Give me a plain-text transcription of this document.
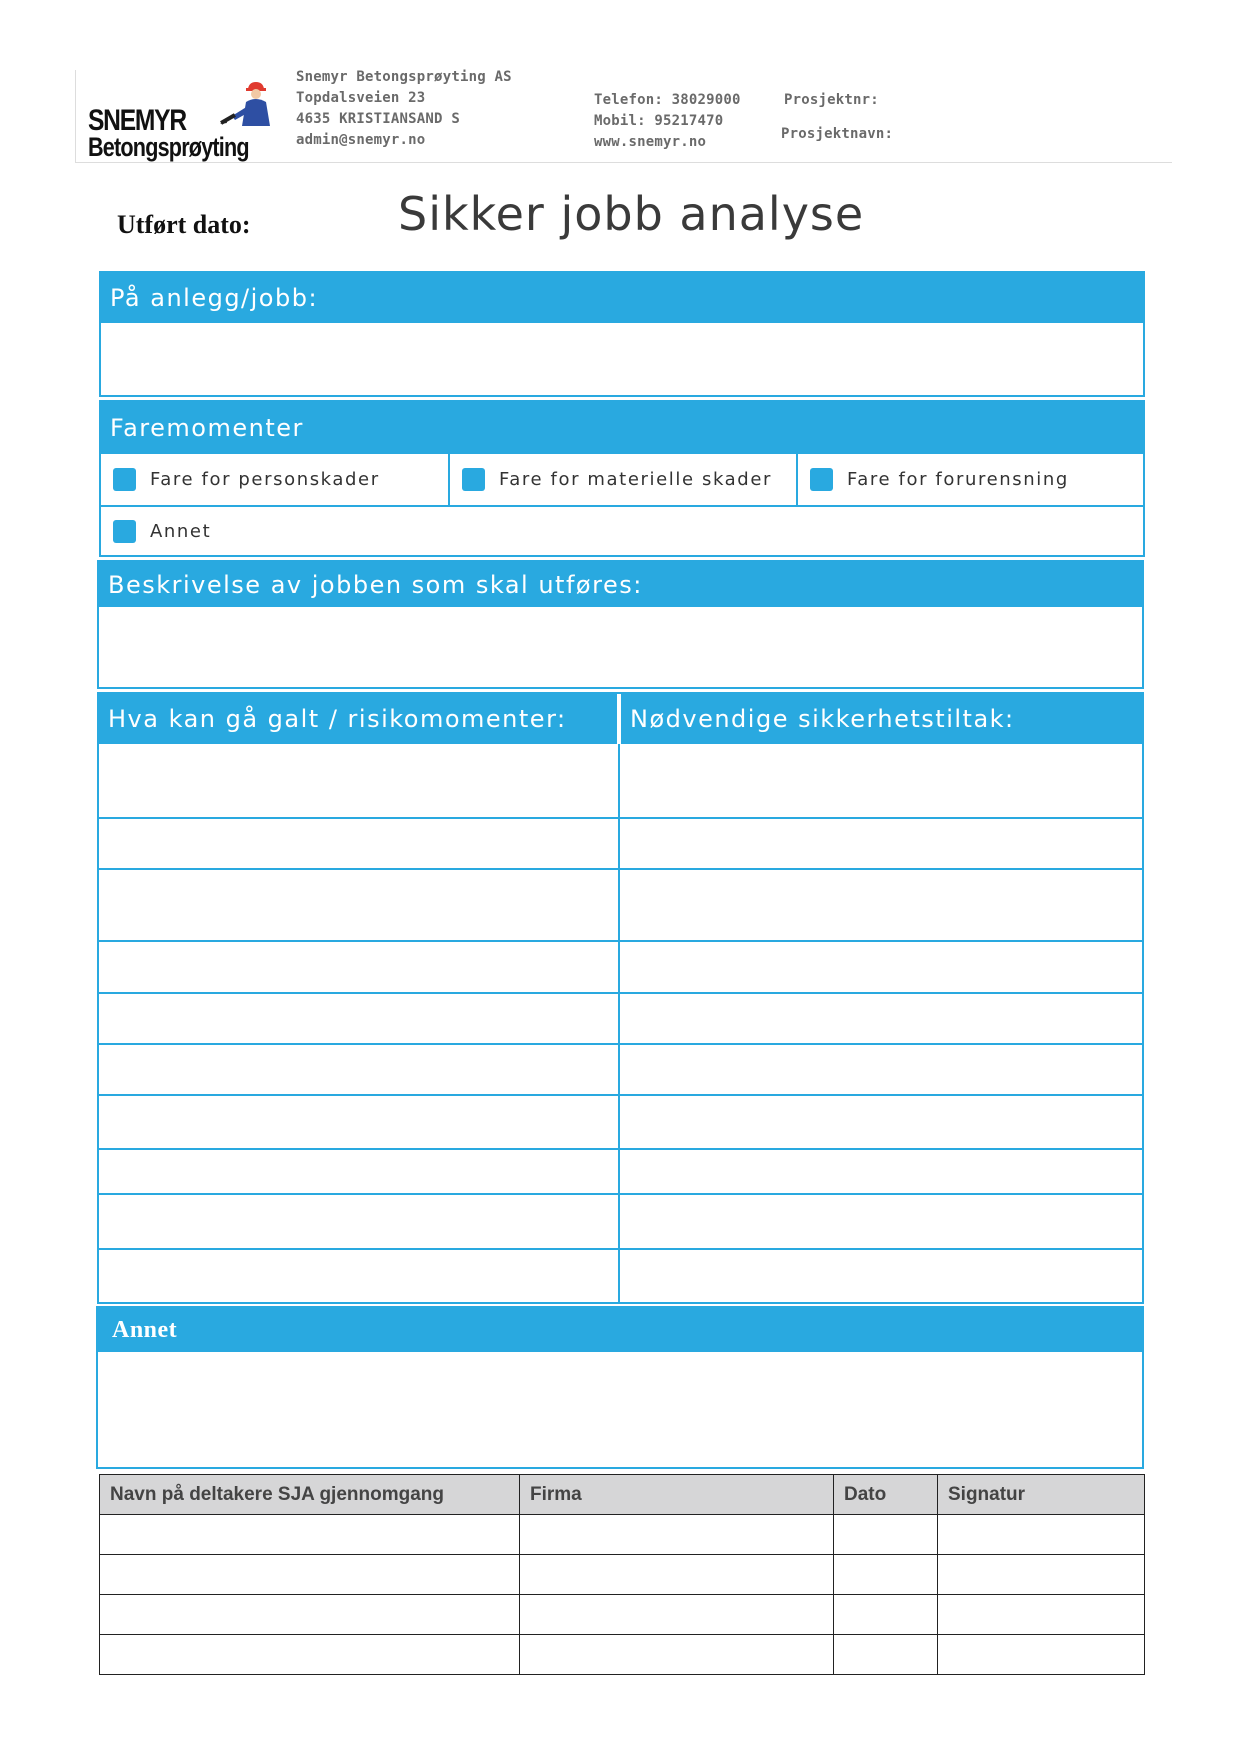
SNEMYR
Betongsprøyting
Snemyr Betongsprøyting AS
Topdalsveien 23
4635 KRISTIANSAND S
admin@snemyr.no
Telefon: 38029000
Mobil: 95217470
www.snemyr.no
Prosjektnr:
Prosjektnavn:
Utført dato:	Sikker jobb analyse
På anlegg/jobb:
Faremomenter
Fare for personskader	Fare for materielle skader	Fare for forurensning
Annet
Beskrivelse av jobben som skal utføres:
Hva kan gå galt / risikomomenter:	Nødvendige sikkerhetstiltak:
Annet
Navn på deltakere SJA gjennomgang	Firma	Dato	Signatur
